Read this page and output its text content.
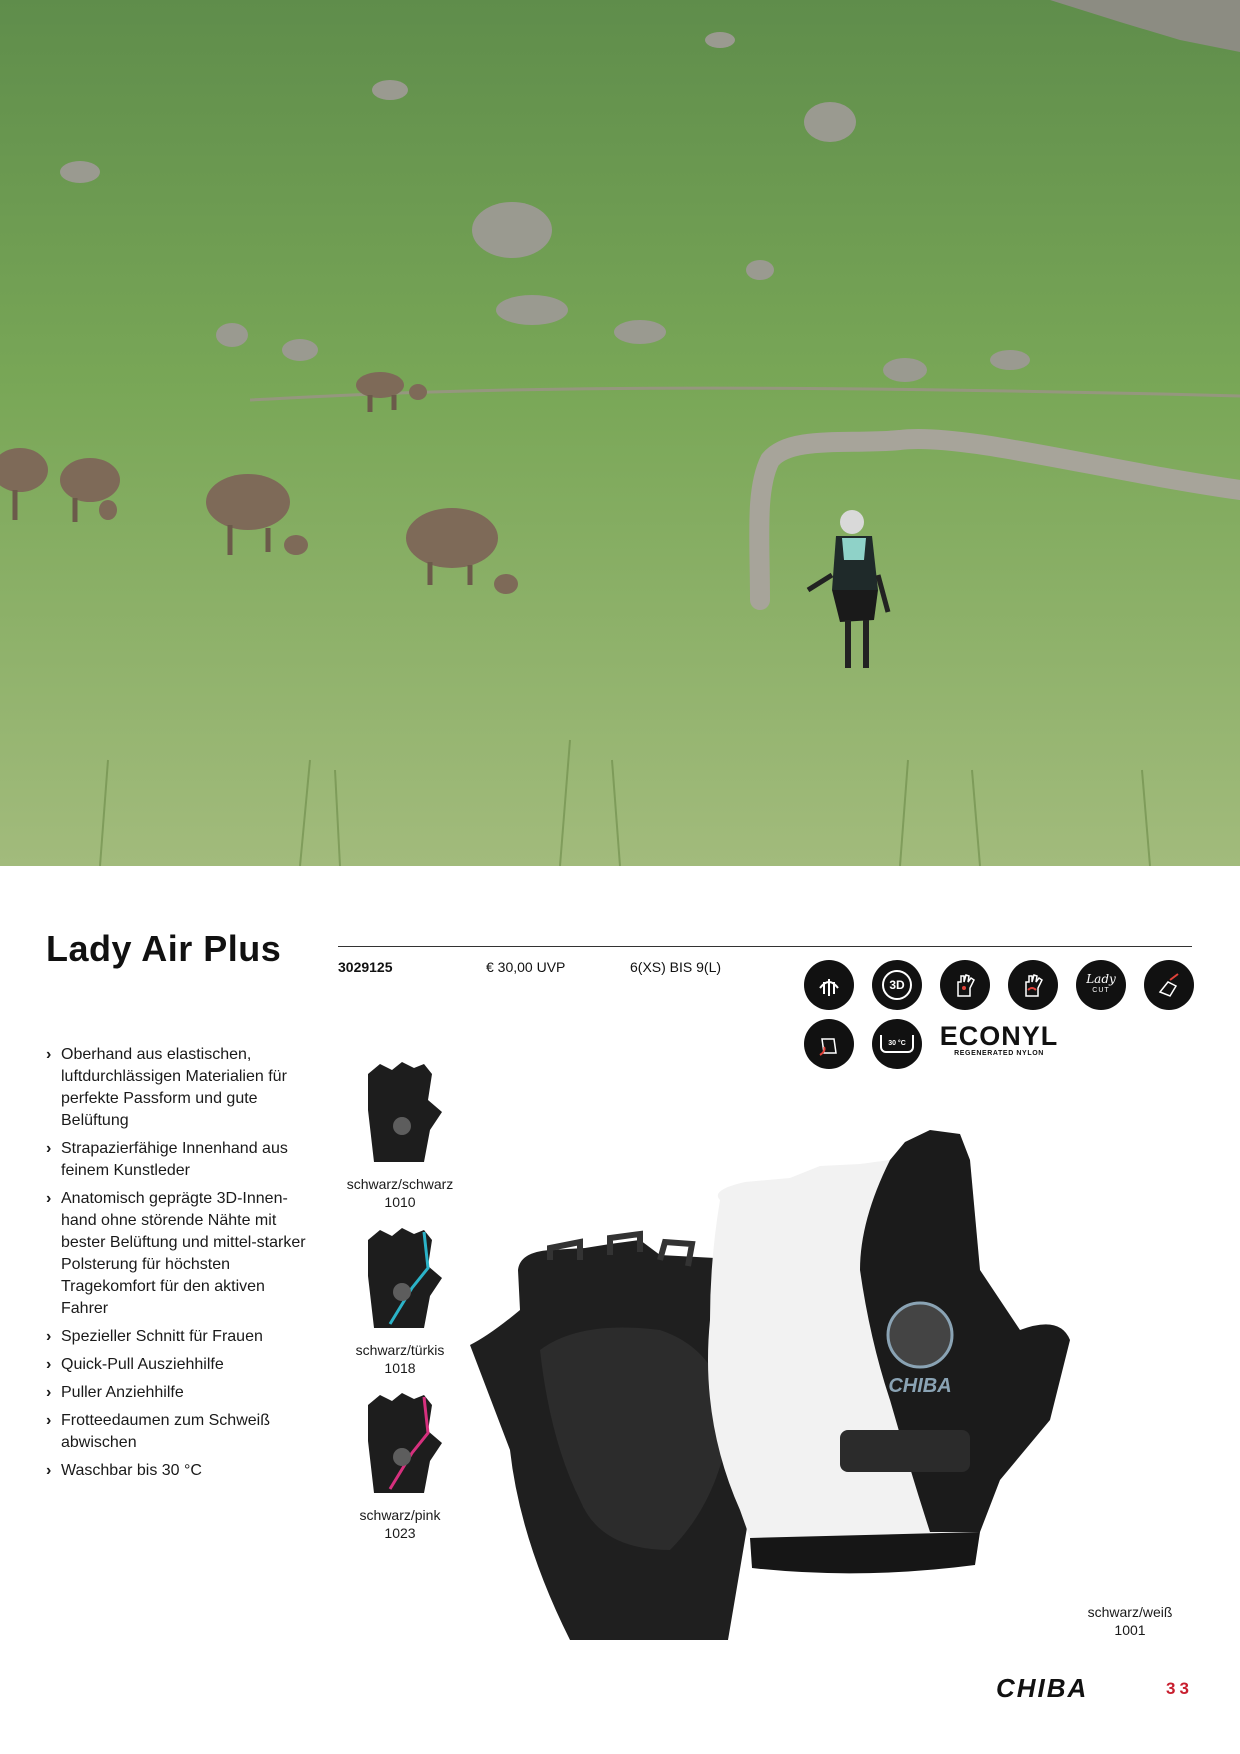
Lady Air Plus	3029125	€ 30,00 UVP	6(XS) BIS 9(L)
3D	Lady
CUT
30 °C ECONYL
REGENERATED NYLON
› Oberhand aus elastischen, luftdurchlässigen Materialien für perfekte Passform und gute Belüftung
› Strapazierfähige Innenhand aus feinem Kunstleder
› Anatomisch geprägte 3D-Innen-hand ohne störende Nähte mit bester Belüftung und mittel-starker Polsterung für höchsten Tragekomfort für den aktiven Fahrer
› Spezieller Schnitt für Frauen
› Quick-Pull Ausziehhilfe
› Puller Anziehhilfe
› Frotteedaumen zum Schweiß abwischen
› Waschbar bis 30 °C
schwarz/schwarz
1010
schwarz/türkis
1018
schwarz/pink
1023
CHIBA
schwarz/weiß
1001
CHIBA	33
